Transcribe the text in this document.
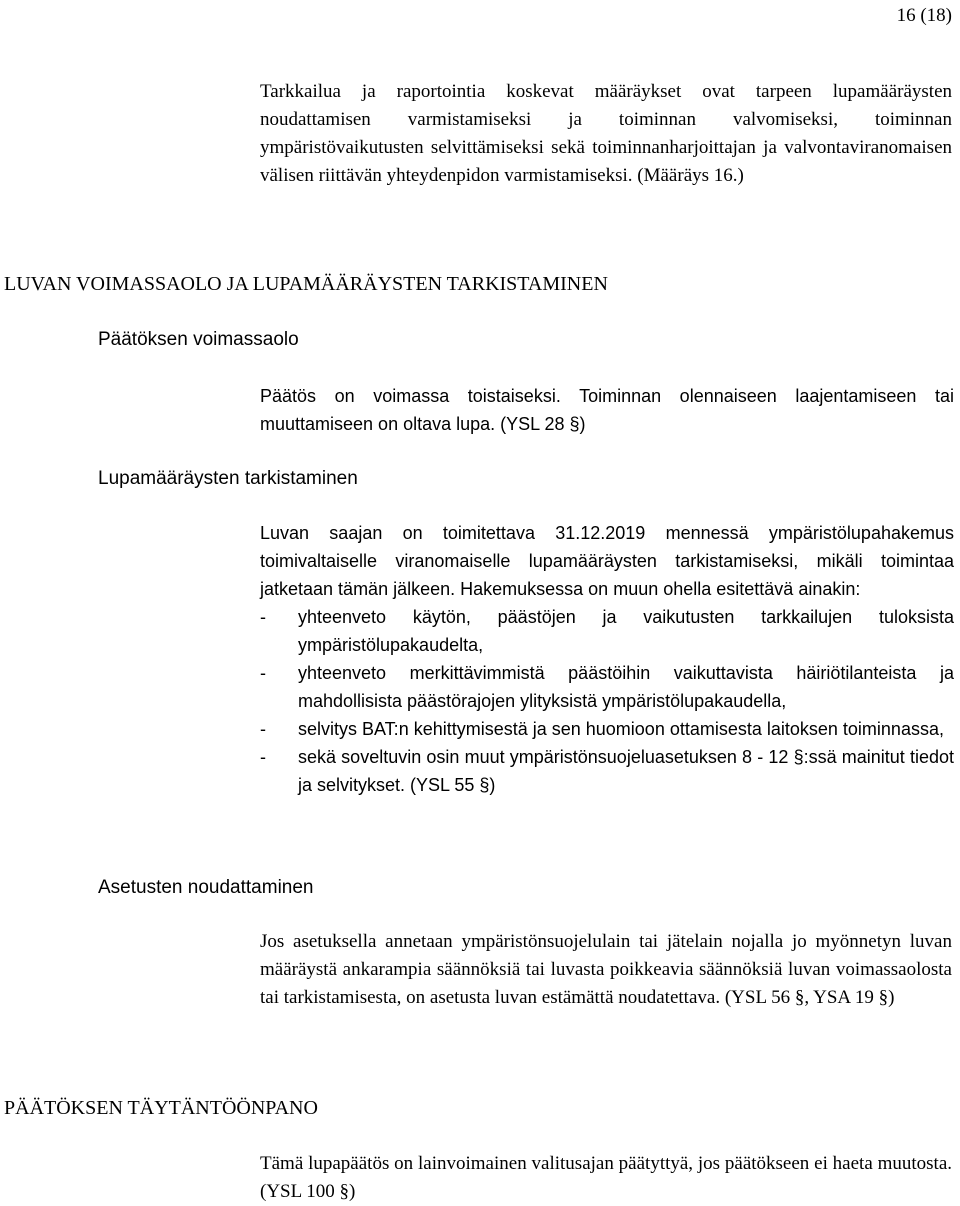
16 (18)

Tarkkailua ja raportointia koskevat määräykset ovat tarpeen lupamääräysten noudattamisen varmistamiseksi ja toiminnan valvomiseksi, toiminnan ympäristövaikutusten selvittämiseksi sekä toiminnanharjoittajan ja valvontaviranomaisen välisen riittävän yhteydenpidon varmistamiseksi. (Määräys 16.)

LUVAN VOIMASSAOLO JA LUPAMÄÄRÄYSTEN TARKISTAMINEN
Päätöksen voimassaolo

Päätös on voimassa toistaiseksi. Toiminnan olennaiseen laajentamiseen tai muuttamiseen on oltava lupa. (YSL 28 §)

Lupamääräysten tarkistaminen

Luvan saajan on toimitettava 31.12.2019 mennessä ympäristölupahakemus toimivaltaiselle viranomaiselle lupamääräysten tarkistamiseksi, mikäli toimintaa jatketaan tämän jälkeen. Hakemuksessa on muun ohella esitettävä ainakin:

- yhteenveto käytön, päästöjen ja vaikutusten tarkkailujen tuloksista ympäristölupakaudelta,
- yhteenveto merkittävimmistä päästöihin vaikuttavista häiriötilanteista ja mahdollisista päästörajojen ylityksistä ympäristölupakaudella,
- selvitys BAT:n kehittymisestä ja sen huomioon ottamisesta laitoksen toiminnassa,
- sekä soveltuvin osin muut ympäristönsuojeluasetuksen 8 - 12 §:ssä mainitut tiedot ja selvitykset. (YSL 55 §)
Asetusten noudattaminen

Jos asetuksella annetaan ympäristönsuojelulain tai jätelain nojalla jo myönnetyn luvan määräystä ankarampia säännöksiä tai luvasta poikkeavia säännöksiä luvan voimassaolosta tai tarkistamisesta, on asetusta luvan estämättä noudatettava. (YSL 56 §, YSA 19 §)

PÄÄTÖKSEN TÄYTÄNTÖÖNPANO

Tämä lupapäätös on lainvoimainen valitusajan päätyttyä, jos päätökseen ei haeta muutosta. (YSL 100 §)
